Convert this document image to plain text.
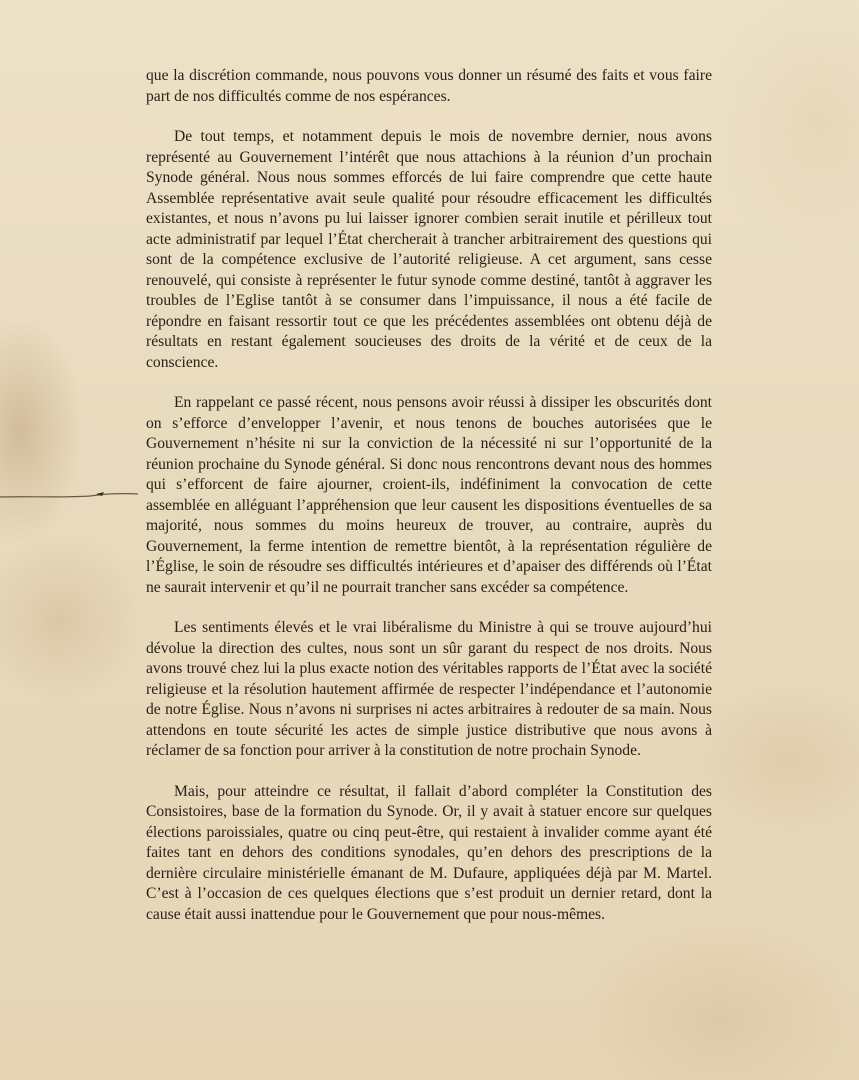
que la discrétion commande, nous pouvons vous donner un résumé des faits et vous faire part de nos difficultés comme de nos espérances.

De tout temps, et notamment depuis le mois de novembre dernier, nous avons représenté au Gouvernement l’intérêt que nous attachions à la réunion d’un prochain Synode général. Nous nous sommes efforcés de lui faire comprendre que cette haute Assemblée représentative avait seule qualité pour résoudre efficacement les difficultés existantes, et nous n’avons pu lui laisser ignorer combien serait inutile et périlleux tout acte administratif par lequel l’État chercherait à trancher arbitrairement des questions qui sont de la compétence exclusive de l’autorité religieuse. A cet argument, sans cesse renouvelé, qui consiste à représenter le futur synode comme destiné, tantôt à aggraver les troubles de l’Eglise tantôt à se consumer dans l’impuissance, il nous a été facile de répondre en faisant ressortir tout ce que les précédentes assemblées ont obtenu déjà de résultats en restant également soucieuses des droits de la vérité et de ceux de la conscience.

En rappelant ce passé récent, nous pensons avoir réussi à dissiper les obscurités dont on s’efforce d’envelopper l’avenir, et nous tenons de bouches autorisées que le Gouvernement n’hésite ni sur la conviction de la nécessité ni sur l’opportunité de la réunion prochaine du Synode général. Si donc nous rencontrons devant nous des hommes qui s’efforcent de faire ajourner, croient-ils, indéfiniment la convocation de cette assemblée en alléguant l’appréhension que leur causent les dispositions éventuelles de sa majorité, nous sommes du moins heureux de trouver, au contraire, auprès du Gouvernement, la ferme intention de remettre bientôt, à la représentation régulière de l’Église, le soin de résoudre ses difficultés intérieures et d’apaiser des différends où l’État ne saurait intervenir et qu’il ne pourrait trancher sans excéder sa compétence.

Les sentiments élevés et le vrai libéralisme du Ministre à qui se trouve aujourd’hui dévolue la direction des cultes, nous sont un sûr garant du respect de nos droits. Nous avons trouvé chez lui la plus exacte notion des véritables rapports de l’État avec la société religieuse et la résolution hautement affirmée de respecter l’indépendance et l’autonomie de notre Église. Nous n’avons ni surprises ni actes arbitraires à redouter de sa main. Nous attendons en toute sécurité les actes de simple justice distributive que nous avons à réclamer de sa fonction pour arriver à la constitution de notre prochain Synode.

Mais, pour atteindre ce résultat, il fallait d’abord compléter la Constitution des Consistoires, base de la formation du Synode. Or, il y avait à statuer encore sur quelques élections paroissiales, quatre ou cinq peut-être, qui restaient à invalider comme ayant été faites tant en dehors des conditions synodales, qu’en dehors des prescriptions de la dernière circulaire ministérielle émanant de M. Dufaure, appliquées déjà par M. Martel. C’est à l’occasion de ces quelques élections que s’est produit un dernier retard, dont la cause était aussi inattendue pour le Gouvernement que pour nous-mêmes.
